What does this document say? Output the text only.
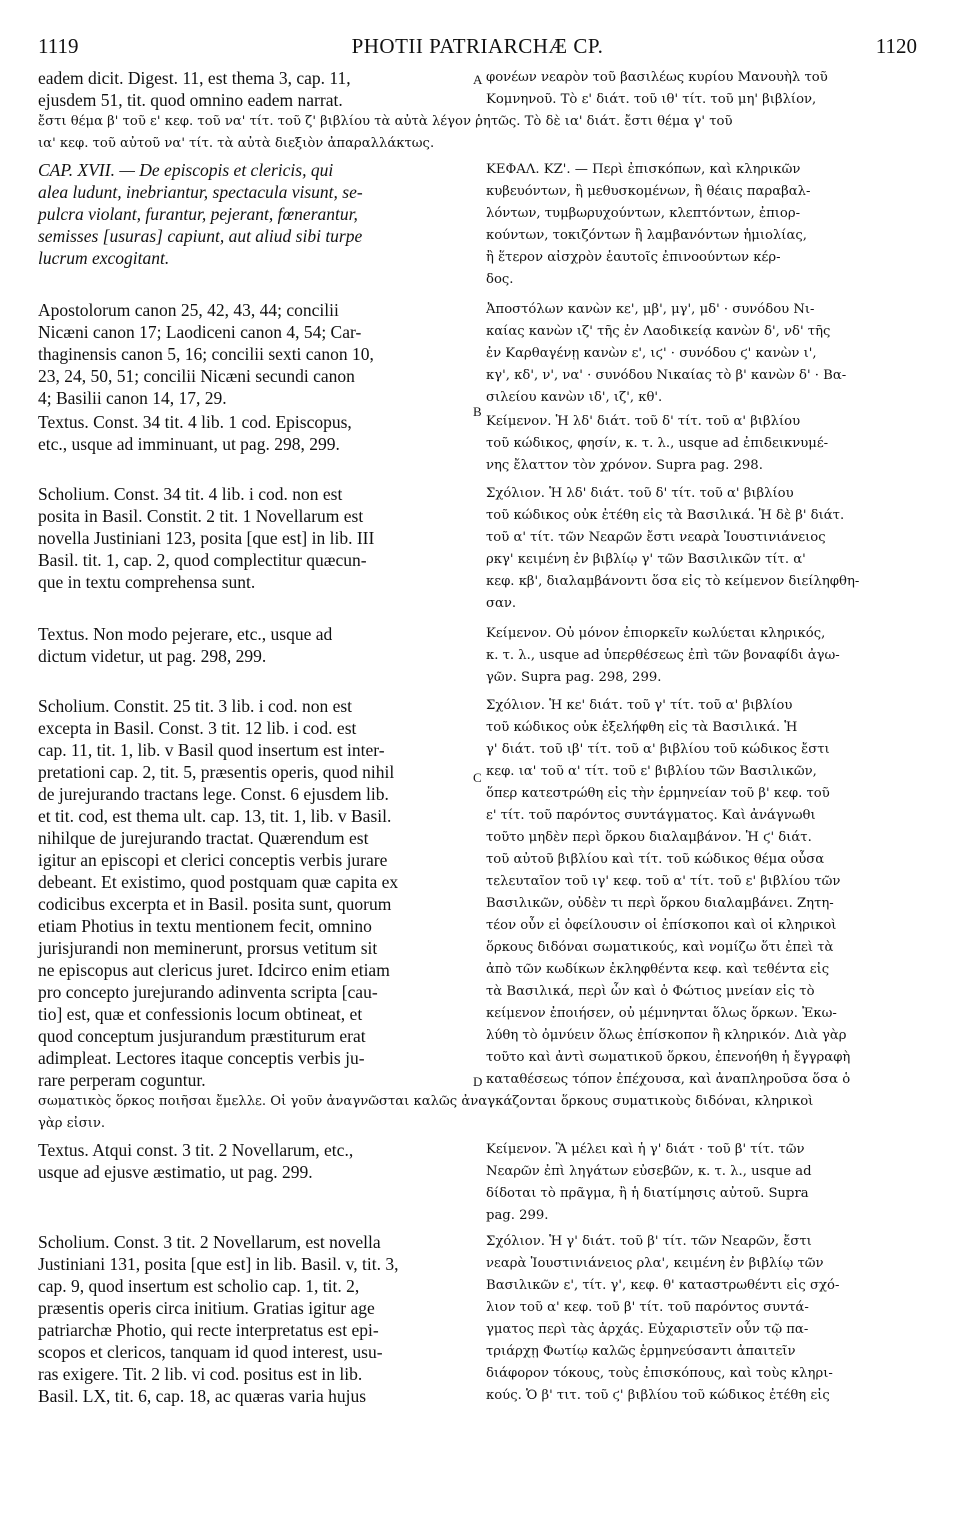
1119	PHOTII PATRIARCHÆ CP.	1120
eadem dicit. Digest. 11, est thema 3, cap. 11,
ejusdem 51, tit. quod omnino eadem narrat.
A φονέων νεαρὸν τοῦ βασιλέως κυρίου Μανουὴλ τοῦ
Κομνηνοῦ. Τὸ ε' διάτ. τοῦ ιθ' τίτ. τοῦ μη' βιβλίον,
ἔστι θέμα β' τοῦ ε' κεφ. τοῦ να' τίτ. τοῦ ζ' βιβλίου τὰ αὐτὰ λέγον ῥητῶς. Τὸ δὲ ια' διάτ. ἔστι θέμα γ' τοῦ
ια' κεφ. τοῦ αὐτοῦ να' τίτ. τὰ αὐτὰ διεξιὸν ἀπαραλλάκτως.
CAP. XVII. — De episcopis et clericis, qui
alea ludunt, inebriantur, spectacula visunt, se-
pulcra violant, furantur, pejerant, fœnerantur,
semisses [usuras] capiunt, aut aliud sibi turpe
lucrum excogitant.
ΚΕΦΑΛ. ΚΖ'. — Περὶ ἐπισκόπων, καὶ κληρικῶν
κυβευόντων, ἢ μεθυσκομένων, ἢ θέαις παραβαλ-
λόντων, τυμβωρυχούντων, κλεπτόντων, ἐπιορ-
κούντων, τοκιζόντων ἢ λαμβανόντων ἡμιολίας,
ἢ ἕτερον αἰσχρὸν ἑαυτοῖς ἐπινοούντων κέρ-
δος.
Apostolorum canon 25, 42, 43, 44; concilii
Nicæni canon 17; Laodiceni canon 4, 54; Car-
thaginensis canon 5, 16; concilii sexti canon 10,
23, 24, 50, 51; concilii Nicæni secundi canon
4; Basilii canon 14, 17, 29.
Textus. Const. 34 tit. 4 lib. 1 cod. Episcopus,
etc., usque ad imminuant, ut pag. 298, 299.
Ἀποστόλων κανὼν κε', μβ', μγ', μδ' · συνόδου Νι-
καίας κανὼν ιζ' τῆς ἐν Λαοδικείᾳ κανὼν δ', νδ' τῆς
ἐν Καρθαγένῃ κανὼν ε', ιϛ' · συνόδου ϛ' κανὼν ι',
κγ', κδ', ν', να' · συνόδου Νικαίας τὸ β' κανὼν δ' · Βα-
σιλείου κανὼν ιδ', ιζ', κθ'.
B
Κείμενον. Ἡ λδ' διάτ. τοῦ δ' τίτ. τοῦ α' βιβλίου
τοῦ κώδικος, φησίν, κ. τ. λ., usque ad ἐπιδεικνυμέ-
νης ἔλαττον τὸν χρόνον. Supra pag. 298.
Scholium. Const. 34 tit. 4 lib. i cod. non est
posita in Basil. Constit. 2 tit. 1 Novellarum est
novella Justiniani 123, posita [que est] in lib. III
Basil. tit. 1, cap. 2, quod complectitur quæcun-
que in textu comprehensa sunt.
Σχόλιον. Ἡ λδ' διάτ. τοῦ δ' τίτ. τοῦ α' βιβλίου
τοῦ κώδικος οὐκ ἐτέθη εἰς τὰ Βασιλικά. Ἡ δὲ β' διάτ.
τοῦ α' τίτ. τῶν Νεαρῶν ἔστι νεαρὰ Ἰουστινιάνειος
ρκγ' κειμένη ἐν βιβλίῳ γ' τῶν Βασιλικῶν τίτ. α'
κεφ. κβ', διαλαμβάνοντι ὅσα εἰς τὸ κείμενον διείληφθη-
σαν.
Textus. Non modo pejerare, etc., usque ad
dictum videtur, ut pag. 298, 299.
Κείμενον. Οὐ μόνον ἐπιορκεῖν κωλύεται κληρικός,
κ. τ. λ., usque ad ὑπερθέσεως ἐπὶ τῶν βοναφίδι ἀγω-
γῶν. Supra pag. 298, 299.
Scholium. Constit. 25 tit. 3 lib. i cod. non est
excepta in Basil. Const. 3 tit. 12 lib. i cod. est
cap. 11, tit. 1, lib. v Basil quod insertum est inter-
pretationi cap. 2, tit. 5, præsentis operis, quod nihil
de jurejurando tractans lege. Const. 6 ejusdem lib.
et tit. cod, est thema ult. cap. 13, tit. 1, lib. v Basil.
nihilque de jurejurando tractat. Quærendum est
igitur an episcopi et clerici conceptis verbis jurare
debeant. Et existimo, quod postquam quæ capita ex
codicibus excerpta et in Basil. posita sunt, quorum
etiam Photius in textu mentionem fecit, omnino
jurisjurandi non meminerunt, prorsus vetitum sit
ne episcopus aut clericus juret. Idcirco enim etiam
pro concepto jurejurando adinventa scripta [cau-
tio] est, quæ et confessionis locum obtineat, et
quod conceptum jusjurandum præstiturum erat
adimpleat. Lectores itaque conceptis verbis ju-
rare perperam coguntur.
Σχόλιον. Ἡ κε' διάτ. τοῦ γ' τίτ. τοῦ α' βιβλίου
τοῦ κώδικος οὐκ ἐξελήφθη εἰς τὰ Βασιλικά. Ἡ
γ' διάτ. τοῦ ιβ' τίτ. τοῦ α' βιβλίου τοῦ κώδικος ἔστι
C κεφ. ια' τοῦ α' τίτ. τοῦ ε' βιβλίου τῶν Βασιλικῶν,
ὅπερ κατεστρώθη εἰς τὴν ἑρμηνείαν τοῦ β' κεφ. τοῦ
ε' τίτ. τοῦ παρόντος συντάγματος. Καὶ ἀνάγνωθι
τοῦτο μηδὲν περὶ ὅρκου διαλαμβάνον. Ἡ ϛ' διάτ.
τοῦ αὐτοῦ βιβλίου καὶ τίτ. τοῦ κώδικος θέμα οὖσα
τελευταῖον τοῦ ιγ' κεφ. τοῦ α' τίτ. τοῦ ε' βιβλίου τῶν
Βασιλικῶν, οὐδὲν τι περὶ ὅρκου διαλαμβάνει. Ζητη-
τέον οὖν εἰ ὀφείλουσιν οἱ ἐπίσκοποι καὶ οἱ κληρικοὶ
ὅρκους διδόναι σωματικούς, καὶ νομίζω ὅτι ἐπεὶ τὰ
ἀπὸ τῶν κωδίκων ἐκληφθέντα κεφ. καὶ τεθέντα εἰς
τὰ Βασιλικά, περὶ ὧν καὶ ὁ Φώτιος μνείαν εἰς τὸ
κείμενον ἐποιήσεν, οὐ μέμνηνται ὅλως ὅρκων. Ἐκω-
λύθη τὸ ὀμνύειν ὅλως ἐπίσκοπον ἢ κληρικόν. Διὰ γὰρ
τοῦτο καὶ ἀντὶ σωματικοῦ ὅρκου, ἐπενοήθη ἡ ἔγγραφὴ
D καταθέσεως τόπον ἐπέχουσα, καὶ ἀναπληροῦσα ὅσα ὁ
σωματικὸς ὅρκος ποιῆσαι ἔμελλε. Οἱ γοῦν ἀναγνῶσται καλῶς ἀναγκάζονται ὅρκους συματικοὺς διδόναι, κληρικοὶ
γὰρ εἰσιν.
Textus. Atqui const. 3 tit. 2 Novellarum, etc.,
usque ad ejusve æstimatio, ut pag. 299.
Κείμενον. Ἃ μέλει καὶ ἡ γ' διάτ · τοῦ β' τίτ. τῶν
Νεαρῶν ἐπὶ ληγάτων εὐσεβῶν, κ. τ. λ., usque ad
δίδοται τὸ πρᾶγμα, ἢ ἡ διατίμησις αὐτοῦ. Supra
pag. 299.
Scholium. Const. 3 tit. 2 Novellarum, est novella
Justiniani 131, posita [que est] in lib. Basil. v, tit. 3,
cap. 9, quod insertum est scholio cap. 1, tit. 2,
præsentis operis circa initium. Gratias igitur age
patriarchæ Photio, qui recte interpretatus est epi-
scopos et clericos, tanquam id quod interest, usu-
ras exigere. Tit. 2 lib. vi cod. positus est in lib.
Basil. LX, tit. 6, cap. 18, ac quæras varia hujus
Σχόλιον. Ἡ γ' διάτ. τοῦ β' τίτ. τῶν Νεαρῶν, ἔστι
νεαρὰ Ἰουστινιάνειος ρλα', κειμένη ἐν βιβλίῳ τῶν
Βασιλικῶν ε', τίτ. γ', κεφ. θ' καταστρωθέντι εἰς σχό-
λιον τοῦ α' κεφ. τοῦ β' τίτ. τοῦ παρόντος συντά-
γματος περὶ τὰς ἀρχάς. Εὐχαριστεῖν οὖν τῷ πα-
τριάρχῃ Φωτίῳ καλῶς ἑρμηνεύσαντι ἀπαιτεῖν
διάφορον τόκους, τοὺς ἐπισκόπους, καὶ τοὺς κληρι-
κούς. Ὁ β' τιτ. τοῦ ϛ' βιβλίου τοῦ κώδικος ἐτέθη εἰς
